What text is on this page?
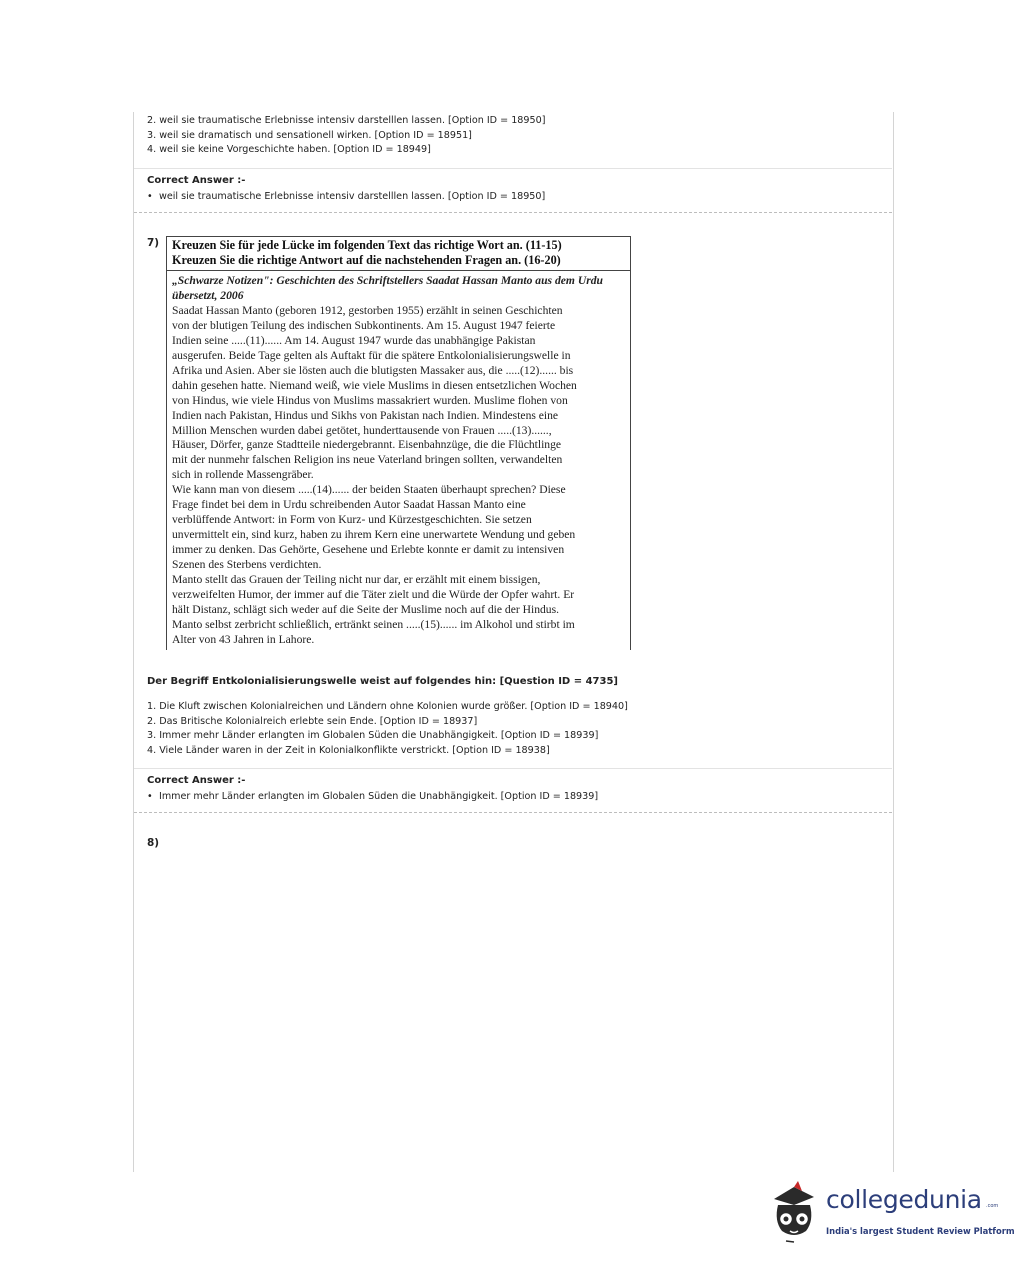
2. weil sie traumatische Erlebnisse intensiv darstelllen lassen. [Option ID = 18950]
3. weil sie dramatisch und sensationell wirken. [Option ID = 18951]
4. weil sie keine Vorgeschichte haben. [Option ID = 18949]
Correct Answer :-
• weil sie traumatische Erlebnisse intensiv darstelllen lassen. [Option ID = 18950]
7) Kreuzen Sie für jede Lücke im folgenden Text das richtige Wort an. (11-15)
Kreuzen Sie die richtige Antwort auf die nachstehenden Fragen an. (16-20)
„Schwarze Notizen": Geschichten des Schriftstellers Saadat Hassan Manto aus dem Urdu übersetzt, 2006
Saadat Hassan Manto (geboren 1912, gestorben 1955) erzählt in seinen Geschichten
von der blutigen Teilung des indischen Subkontinents. Am 15. August 1947 feierte
Indien seine .....(11)...... Am 14. August 1947 wurde das unabhängige Pakistan
ausgerufen. Beide Tage gelten als Auftakt für die spätere Entkolonialisierungswelle in
Afrika und Asien. Aber sie lösten auch die blutigsten Massaker aus, die .....(12)...... bis
dahin gesehen hatte. Niemand weiß, wie viele Muslims in diesen entsetzlichen Wochen
von Hindus, wie viele Hindus von Muslims massakriert wurden. Muslime flohen von
Indien nach Pakistan, Hindus und Sikhs von Pakistan nach Indien. Mindestens eine
Million Menschen wurden dabei getötet, hunderttausende von Frauen .....(13)......,
Häuser, Dörfer, ganze Stadtteile niedergebrannt. Eisenbahnzüge, die die Flüchtlinge
mit der nunmehr falschen Religion ins neue Vaterland bringen sollten, verwandelten
sich in rollende Massengräber.
Wie kann man von diesem .....(14)...... der beiden Staaten überhaupt sprechen? Diese
Frage findet bei dem in Urdu schreibenden Autor Saadat Hassan Manto eine
verblüffende Antwort: in Form von Kurz- und Kürzestgeschichten. Sie setzen
unvermittelt ein, sind kurz, haben zu ihrem Kern eine unerwartete Wendung und geben
immer zu denken. Das Gehörte, Gesehene und Erlebte konnte er damit zu intensiven
Szenen des Sterbens verdichten.
Manto stellt das Grauen der Teiling nicht nur dar, er erzählt mit einem bissigen,
verzweifelten Humor, der immer auf die Täter zielt und die Würde der Opfer wahrt. Er
hält Distanz, schlägt sich weder auf die Seite der Muslime noch auf die der Hindus.
Manto selbst zerbricht schließlich, ertränkt seinen .....(15)...... im Alkohol und stirbt im
Alter von 43 Jahren in Lahore.
Der Begriff Entkolonialisierungswelle weist auf folgendes hin: [Question ID = 4735]
1. Die Kluft zwischen Kolonialreichen und Ländern ohne Kolonien wurde größer. [Option ID = 18940]
2. Das Britische Kolonialreich erlebte sein Ende. [Option ID = 18937]
3. Immer mehr Länder erlangten im Globalen Süden die Unabhängigkeit. [Option ID = 18939]
4. Viele Länder waren in der Zeit in Kolonialkonflikte verstrickt. [Option ID = 18938]
Correct Answer :-
• Immer mehr Länder erlangten im Globalen Süden die Unabhängigkeit. [Option ID = 18939]
8)
collegedunia .com
India's largest Student Review Platform
